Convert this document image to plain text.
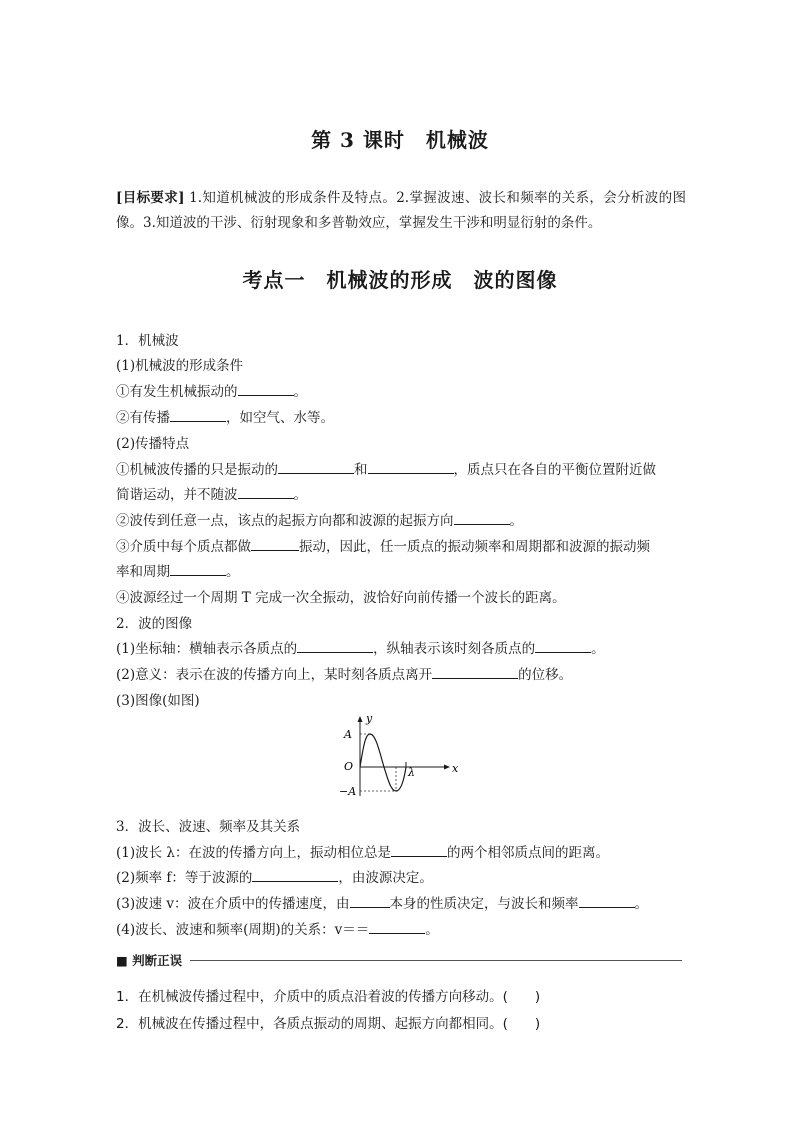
第 3 课时　机械波
[目标要求] 1.知道机械波的形成条件及特点。2.掌握波速、波长和频率的关系，会分析波的图像。3.知道波的干涉、衍射现象和多普勒效应，掌握发生干涉和明显衍射的条件。
考点一　机械波的形成　波的图像
1．机械波
(1)机械波的形成条件
①有发生机械振动的	。
②有传播	，如空气、水等。
(2)传播特点
①机械波传播的只是振动的	和	，质点只在各自的平衡位置附近做
简谐运动，并不随波	。
②波传到任意一点，该点的起振方向都和波源的起振方向	。
③介质中每个质点都做	振动，因此，任一质点的振动频率和周期都和波源的振动频
率和周期	。
④波源经过一个周期 T 完成一次全振动，波恰好向前传播一个波长的距离。
2．波的图像
(1)坐标轴：横轴表示各质点的	，纵轴表示该时刻各质点的	。
(2)意义：表示在波的传播方向上，某时刻各质点离开	的位移。
(3)图像(如图)
y
x
A
−A
O	λ
3．波长、波速、频率及其关系
(1)波长 λ：在波的传播方向上，振动相位总是	的两个相邻质点间的距离。
(2)频率 f：等于波源的	，由波源决定。
(3)波速 v：波在介质中的传播速度，由	本身的性质决定，与波长和频率	。
(4)波长、波速和频率(周期)的关系：v＝＝	。
■ 判断正误
1．在机械波传播过程中，介质中的质点沿着波的传播方向移动。(　　)
2．机械波在传播过程中，各质点振动的周期、起振方向都相同。(　　)
